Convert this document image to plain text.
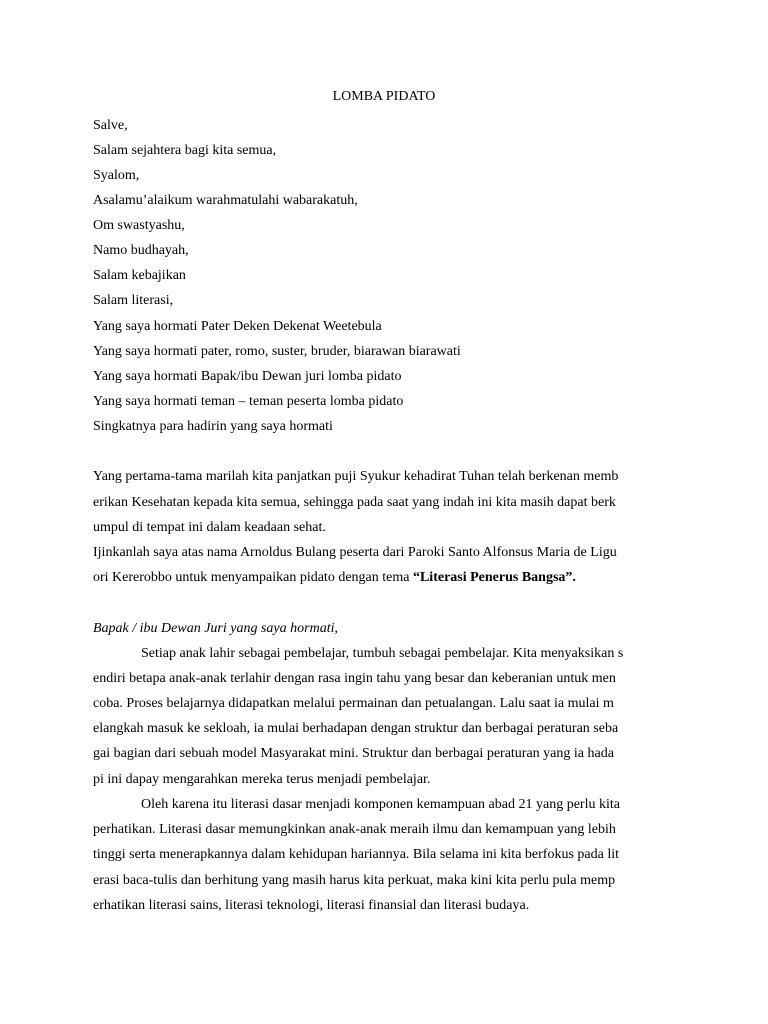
LOMBA PIDATO
Salve,
Salam sejahtera bagi kita semua,
Syalom,
Asalamu’alaikum warahmatulahi wabarakatuh,
Om swastyashu,
Namo budhayah,
Salam kebajikan
Salam literasi,
Yang saya hormati Pater Deken Dekenat Weetebula
Yang saya hormati pater, romo, suster, bruder, biarawan biarawati
Yang saya hormati Bapak/ibu Dewan juri lomba pidato
Yang saya hormati teman – teman peserta lomba pidato
Singkatnya para hadirin yang saya hormati
Yang pertama-tama marilah kita panjatkan puji Syukur kehadirat Tuhan telah berkenan memb
erikan Kesehatan kepada kita semua, sehingga pada saat yang indah ini kita masih dapat berk
umpul di tempat ini dalam keadaan sehat.
Ijinkanlah saya atas nama Arnoldus Bulang peserta dari Paroki Santo Alfonsus Maria de Ligu
ori Kererobbo untuk menyampaikan pidato dengan tema “Literasi Penerus Bangsa”.
Bapak / ibu Dewan Juri yang saya hormati,
Setiap anak lahir sebagai pembelajar, tumbuh sebagai pembelajar. Kita menyaksikan s
endiri betapa anak-anak terlahir dengan rasa ingin tahu yang besar dan keberanian untuk men
coba. Proses belajarnya didapatkan melalui permainan dan petualangan. Lalu saat ia mulai m
elangkah masuk ke sekloah, ia mulai berhadapan dengan struktur dan berbagai peraturan seba
gai bagian dari sebuah model Masyarakat mini. Struktur dan berbagai peraturan yang ia hada
pi ini dapay mengarahkan mereka terus menjadi pembelajar.
Oleh karena itu literasi dasar menjadi komponen kemampuan abad 21 yang perlu kita
perhatikan. Literasi dasar memungkinkan anak-anak meraih ilmu dan kemampuan yang lebih
tinggi serta menerapkannya dalam kehidupan hariannya. Bila selama ini kita berfokus pada lit
erasi baca-tulis dan berhitung yang masih harus kita perkuat, maka kini kita perlu pula memp
erhatikan literasi sains, literasi teknologi, literasi finansial dan literasi budaya.
